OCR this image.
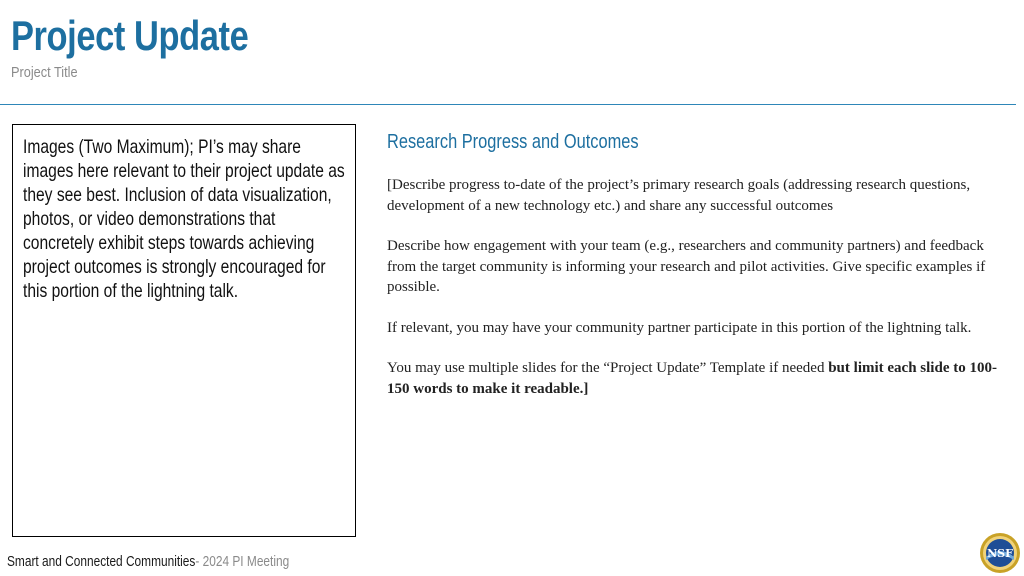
Project Update
Project Title
Images (Two Maximum); PI’s may share images here relevant to their project update as they see best. Inclusion of data visualization, photos, or video demonstrations that concretely exhibit steps towards achieving project outcomes is strongly encouraged for this portion of the lightning talk.
Research Progress and Outcomes

[Describe progress to-date of the project’s primary research goals (addressing research questions, development of a new technology etc.) and share any successful outcomes

Describe how engagement with your team (e.g., researchers and community partners) and feedback from the target community is informing your research and pilot activities. Give specific examples if possible.

If relevant, you may have your community partner participate in this portion of the lightning talk.

You may use multiple slides for the “Project Update” Template if needed but limit each slide to 100-150 words to make it readable.]

Smart and Connected Communities- 2024 PI Meeting
NSF
